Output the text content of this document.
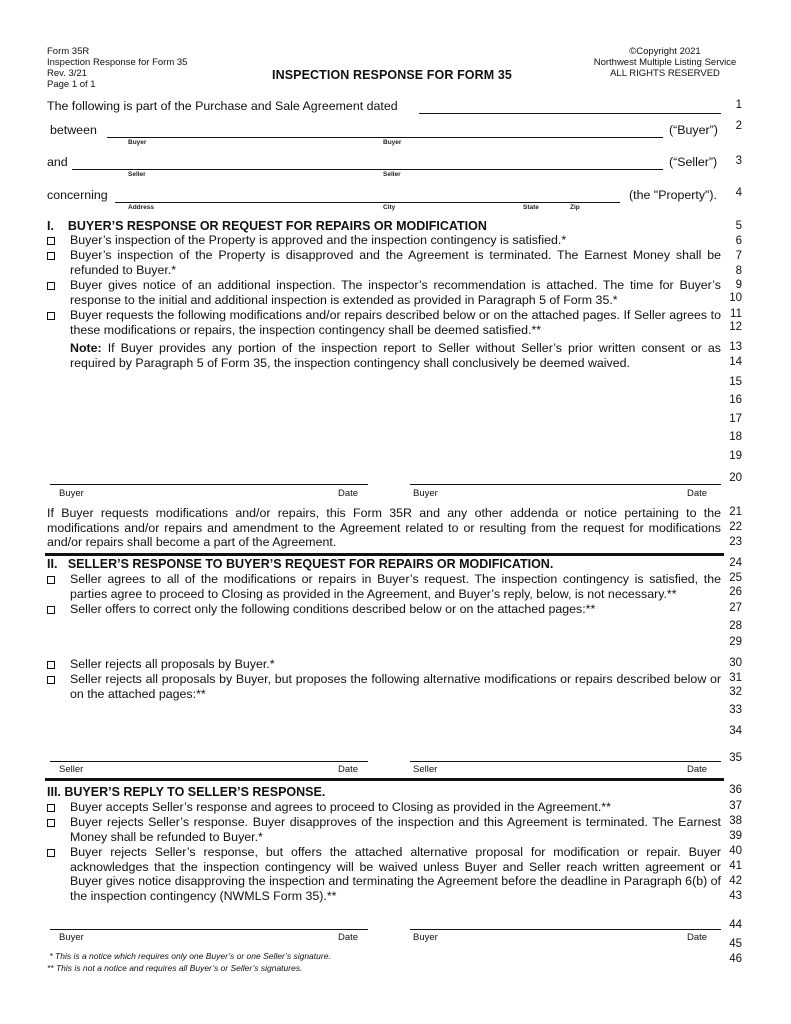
Form 35R
Inspection Response for Form 35
Rev. 3/21
Page 1 of 1
INSPECTION RESPONSE FOR FORM 35
©Copyright 2021
Northwest Multiple Listing Service
ALL RIGHTS RESERVED
The following is part of the Purchase and Sale Agreement dated
between
Buyer	Buyer
(“Buyer”)
and
Seller	Seller
(“Seller”)
concerning
Address	City	State	Zip
(the "Property").
I.    BUYER’S RESPONSE OR REQUEST FOR REPAIRS OR MODIFICATION
Buyer’s inspection of the Property is approved and the inspection contingency is satisfied.*
Buyer’s inspection of the Property is disapproved and the Agreement is terminated. The Earnest Money shall be refunded to Buyer.*
Buyer gives notice of an additional inspection. The inspector’s recommendation is attached. The time for Buyer’s response to the initial and additional inspection is extended as provided in Paragraph 5 of Form 35.*
Buyer requests the following modifications and/or repairs described below or on the attached pages. If Seller agrees to these modifications or repairs, the inspection contingency shall be deemed satisfied.**
Note: If Buyer provides any portion of the inspection report to Seller without Seller’s prior written consent or as required by Paragraph 5 of Form 35, the inspection contingency shall conclusively be deemed waived.
Buyer	Date	Buyer	Date
If Buyer requests modifications and/or repairs, this Form 35R and any other addenda or notice pertaining to the modifications and/or repairs and amendment to the Agreement related to or resulting from the request for modifications and/or repairs shall become a part of the Agreement.
II.   SELLER’S RESPONSE TO BUYER’S REQUEST FOR REPAIRS OR MODIFICATION.
Seller agrees to all of the modifications or repairs in Buyer’s request. The inspection contingency is satisfied, the parties agree to proceed to Closing as provided in the Agreement, and Buyer’s reply, below, is not necessary.**
Seller offers to correct only the following conditions described below or on the attached pages:**
Seller rejects all proposals by Buyer.*
Seller rejects all proposals by Buyer, but proposes the following alternative modifications or repairs described below or on the attached pages:**
Seller	Date	Seller	Date
III. BUYER’S REPLY TO SELLER’S RESPONSE.
Buyer accepts Seller’s response and agrees to proceed to Closing as provided in the Agreement.**
Buyer rejects Seller’s response. Buyer disapproves of the inspection and this Agreement is terminated. The Earnest Money shall be refunded to Buyer.*
Buyer rejects Seller’s response, but offers the attached alternative proposal for modification or repair. Buyer acknowledges that the inspection contingency will be waived unless Buyer and Seller reach written agreement or Buyer gives notice disapproving the inspection and terminating the Agreement before the deadline in Paragraph 6(b) of the inspection contingency (NWMLS Form 35).**
Buyer	Date	Buyer	Date
* This is a notice which requires only one Buyer’s or one Seller’s signature.
** This is not a notice and requires all Buyer’s or Seller’s signatures.
1
2
3
4
5
6
7
8
9
10
11
12
13
14
15
16
17
18
19
20
21
22
23
24
25
26
27
28
29
30
31
32
33
34
35
36
37
38
39
40
41
42
43
44
45
46
